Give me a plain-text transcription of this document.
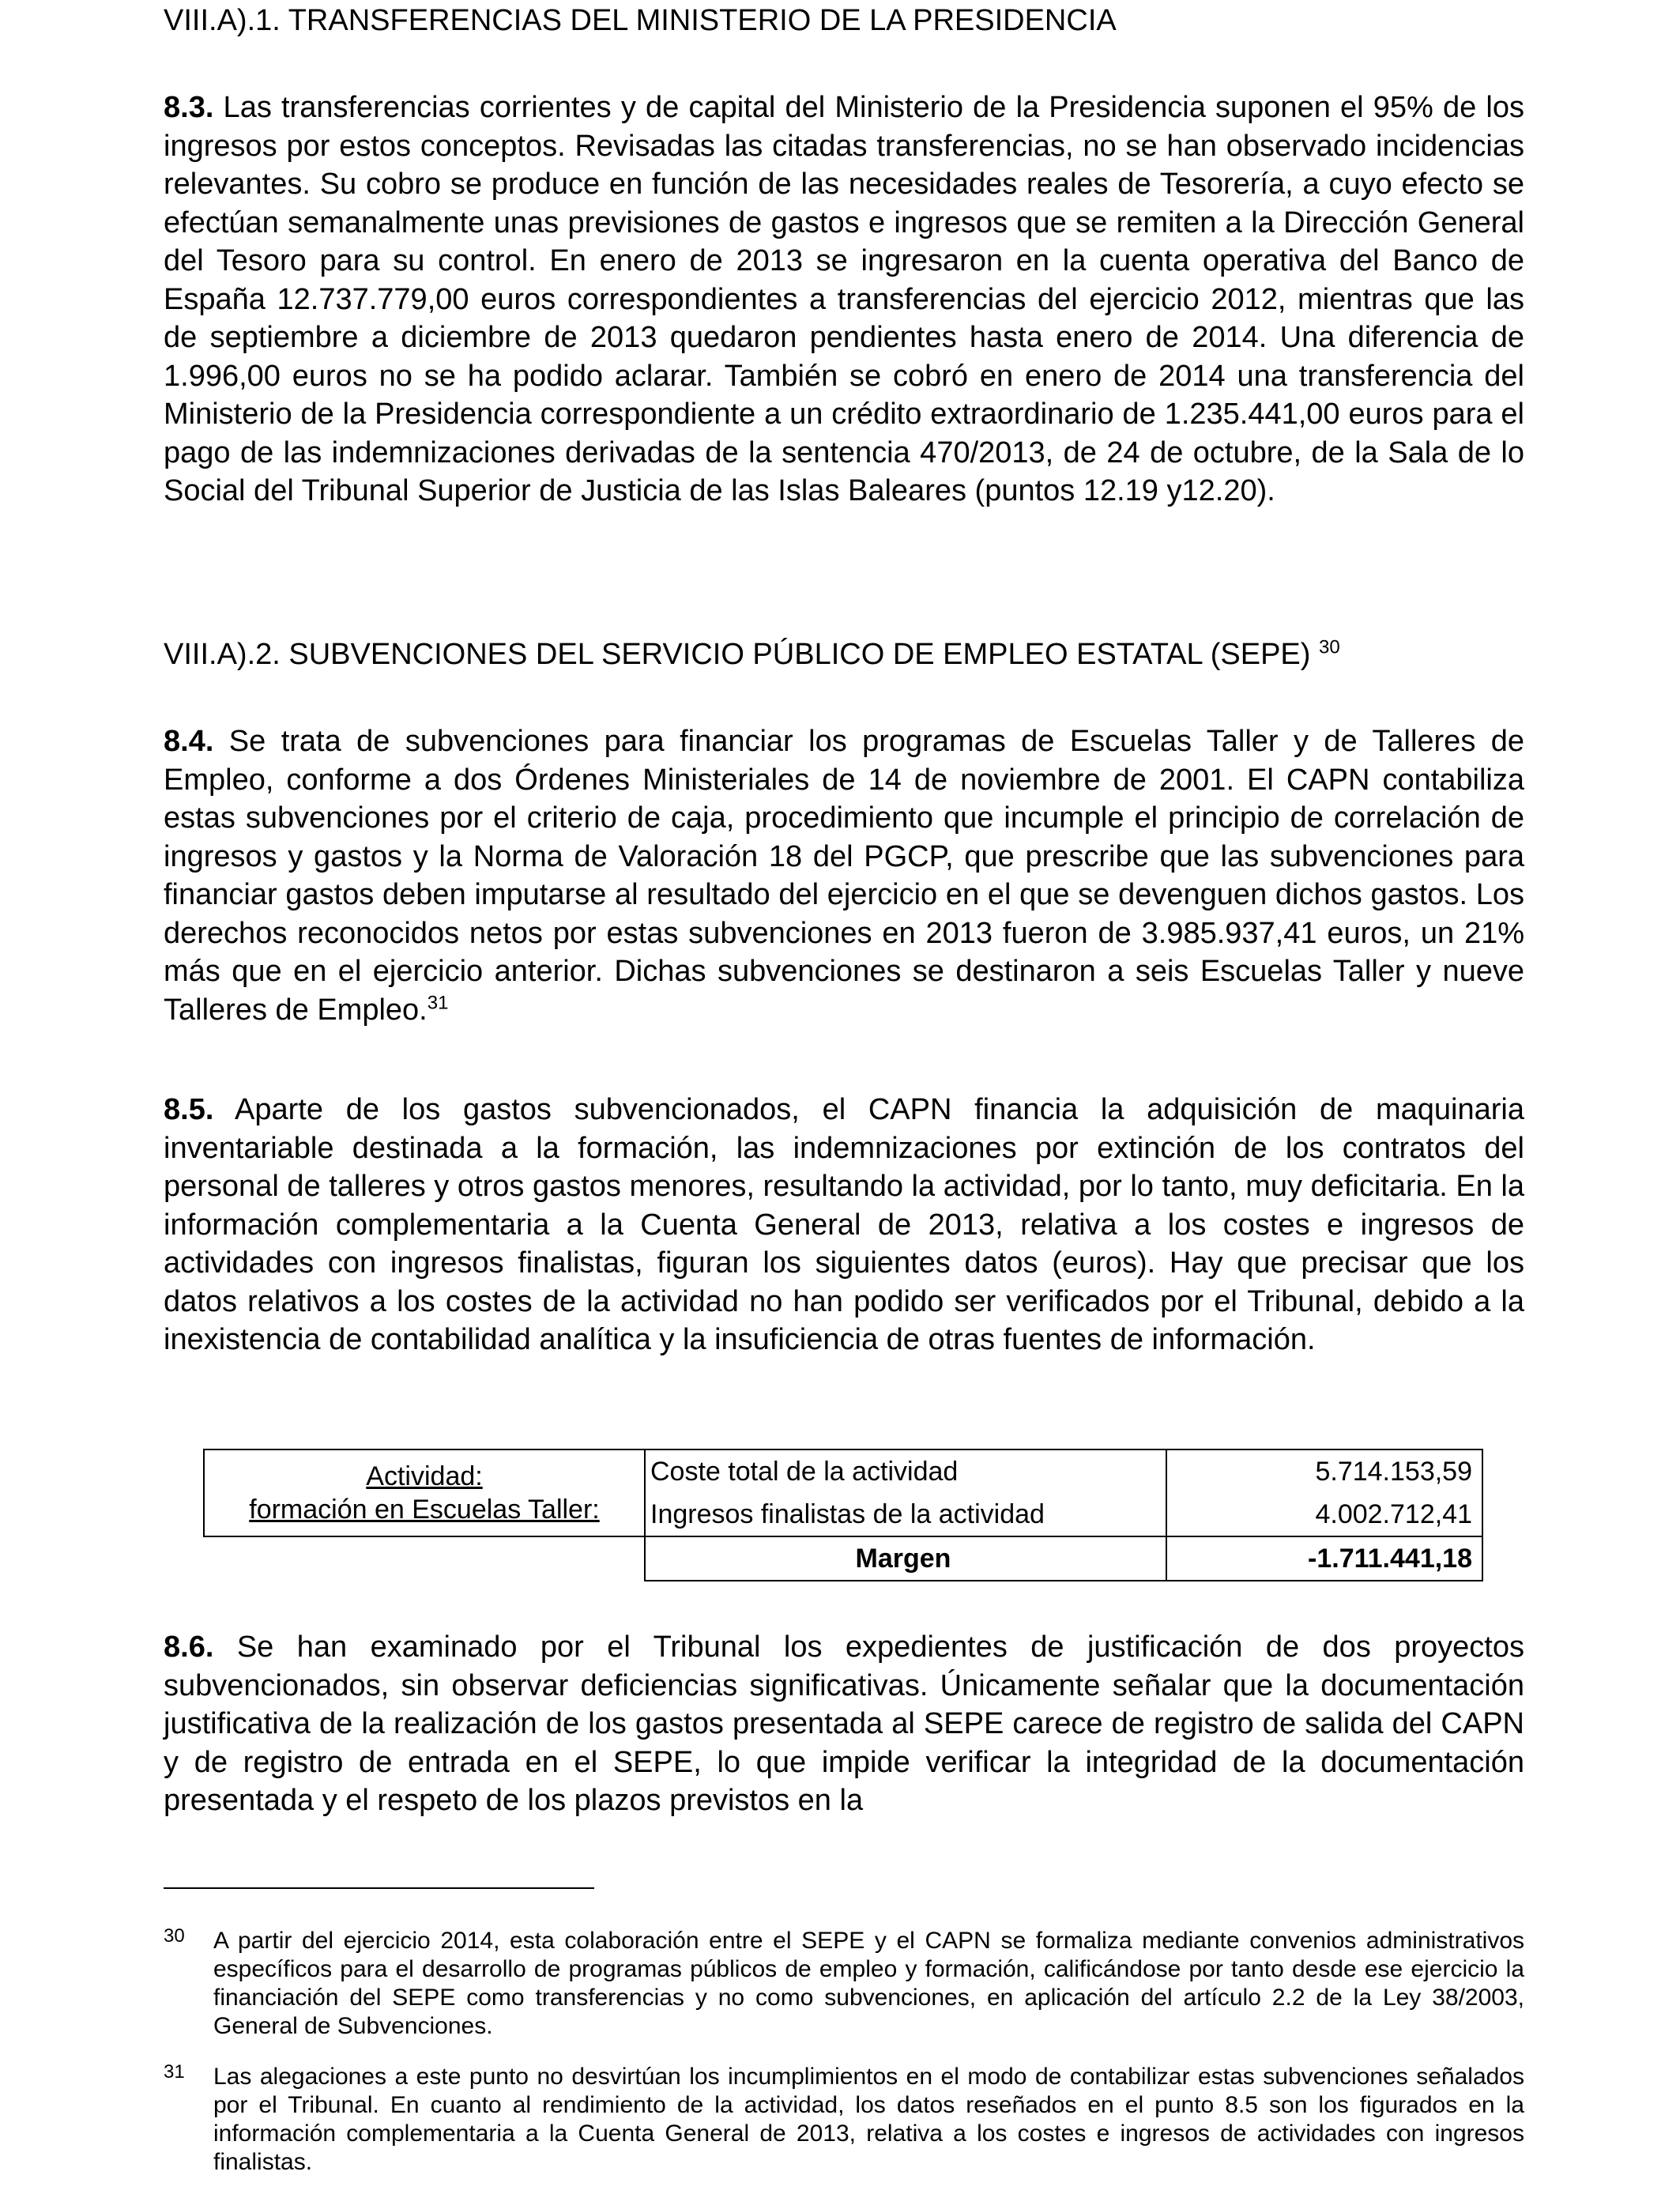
VIII.A).1. TRANSFERENCIAS DEL MINISTERIO DE LA PRESIDENCIA

8.3. Las transferencias corrientes y de capital del Ministerio de la Presidencia suponen el 95% de los ingresos por estos conceptos. Revisadas las citadas transferencias, no se han observado incidencias relevantes. Su cobro se produce en función de las necesidades reales de Tesorería, a cuyo efecto se efectúan semanalmente unas previsiones de gastos e ingresos que se remiten a la Dirección General del Tesoro para su control. En enero de 2013 se ingresaron en la cuenta operativa del Banco de España 12.737.779,00 euros correspondientes a transferencias del ejercicio 2012, mientras que las de septiembre a diciembre de 2013 quedaron pendientes hasta enero de 2014. Una diferencia de 1.996,00 euros no se ha podido aclarar. También se cobró en enero de 2014 una transferencia del Ministerio de la Presidencia correspondiente a un crédito extraordinario de 1.235.441,00 euros para el pago de las indemnizaciones derivadas de la sentencia 470/2013, de 24 de octubre, de la Sala de lo Social del Tribunal Superior de Justicia de las Islas Baleares (puntos 12.19 y12.20).

VIII.A).2. SUBVENCIONES DEL SERVICIO PÚBLICO DE EMPLEO ESTATAL (SEPE) $^{30}$

8.4. Se trata de subvenciones para financiar los programas de Escuelas Taller y de Talleres de Empleo, conforme a dos Órdenes Ministeriales de 14 de noviembre de 2001. El CAPN contabiliza estas subvenciones por el criterio de caja, procedimiento que incumple el principio de correlación de ingresos y gastos y la Norma de Valoración 18 del PGCP, que prescribe que las subvenciones para financiar gastos deben imputarse al resultado del ejercicio en el que se devenguen dichos gastos. Los derechos reconocidos netos por estas subvenciones en 2013 fueron de 3.985.937,41 euros, un 21% más que en el ejercicio anterior. Dichas subvenciones se destinaron a seis Escuelas Taller y nueve Talleres de Empleo.$^{31}$

8.5. Aparte de los gastos subvencionados, el CAPN financia la adquisición de maquinaria inventariable destinada a la formación, las indemnizaciones por extinción de los contratos del personal de talleres y otros gastos menores, resultando la actividad, por lo tanto, muy deficitaria. En la información complementaria a la Cuenta General de 2013, relativa a los costes e ingresos de actividades con ingresos finalistas, figuran los siguientes datos (euros). Hay que precisar que los datos relativos a los costes de la actividad no han podido ser verificados por el Tribunal, debido a la inexistencia de contabilidad analítica y la insuficiencia de otras fuentes de información.

Actividad:
formación en Escuelas Taller:	Coste total de la actividad	5.714.153,59
	Ingresos finalistas de la actividad	4.002.712,41
	Margen	-1.711.441,18

8.6. Se han examinado por el Tribunal los expedientes de justificación de dos proyectos subvencionados, sin observar deficiencias significativas. Únicamente señalar que la documentación justificativa de la realización de los gastos presentada al SEPE carece de registro de salida del CAPN y de registro de entrada en el SEPE, lo que impide verificar la integridad de la documentación presentada y el respeto de los plazos previstos en la

30 A partir del ejercicio 2014, esta colaboración entre el SEPE y el CAPN se formaliza mediante convenios administrativos específicos para el desarrollo de programas públicos de empleo y formación, calificándose por tanto desde ese ejercicio la financiación del SEPE como transferencias y no como subvenciones, en aplicación del artículo 2.2 de la Ley 38/2003, General de Subvenciones.
31 Las alegaciones a este punto no desvirtúan los incumplimientos en el modo de contabilizar estas subvenciones señalados por el Tribunal. En cuanto al rendimiento de la actividad, los datos reseñados en el punto 8.5 son los figurados en la información complementaria a la Cuenta General de 2013, relativa a los costes e ingresos de actividades con ingresos finalistas.
